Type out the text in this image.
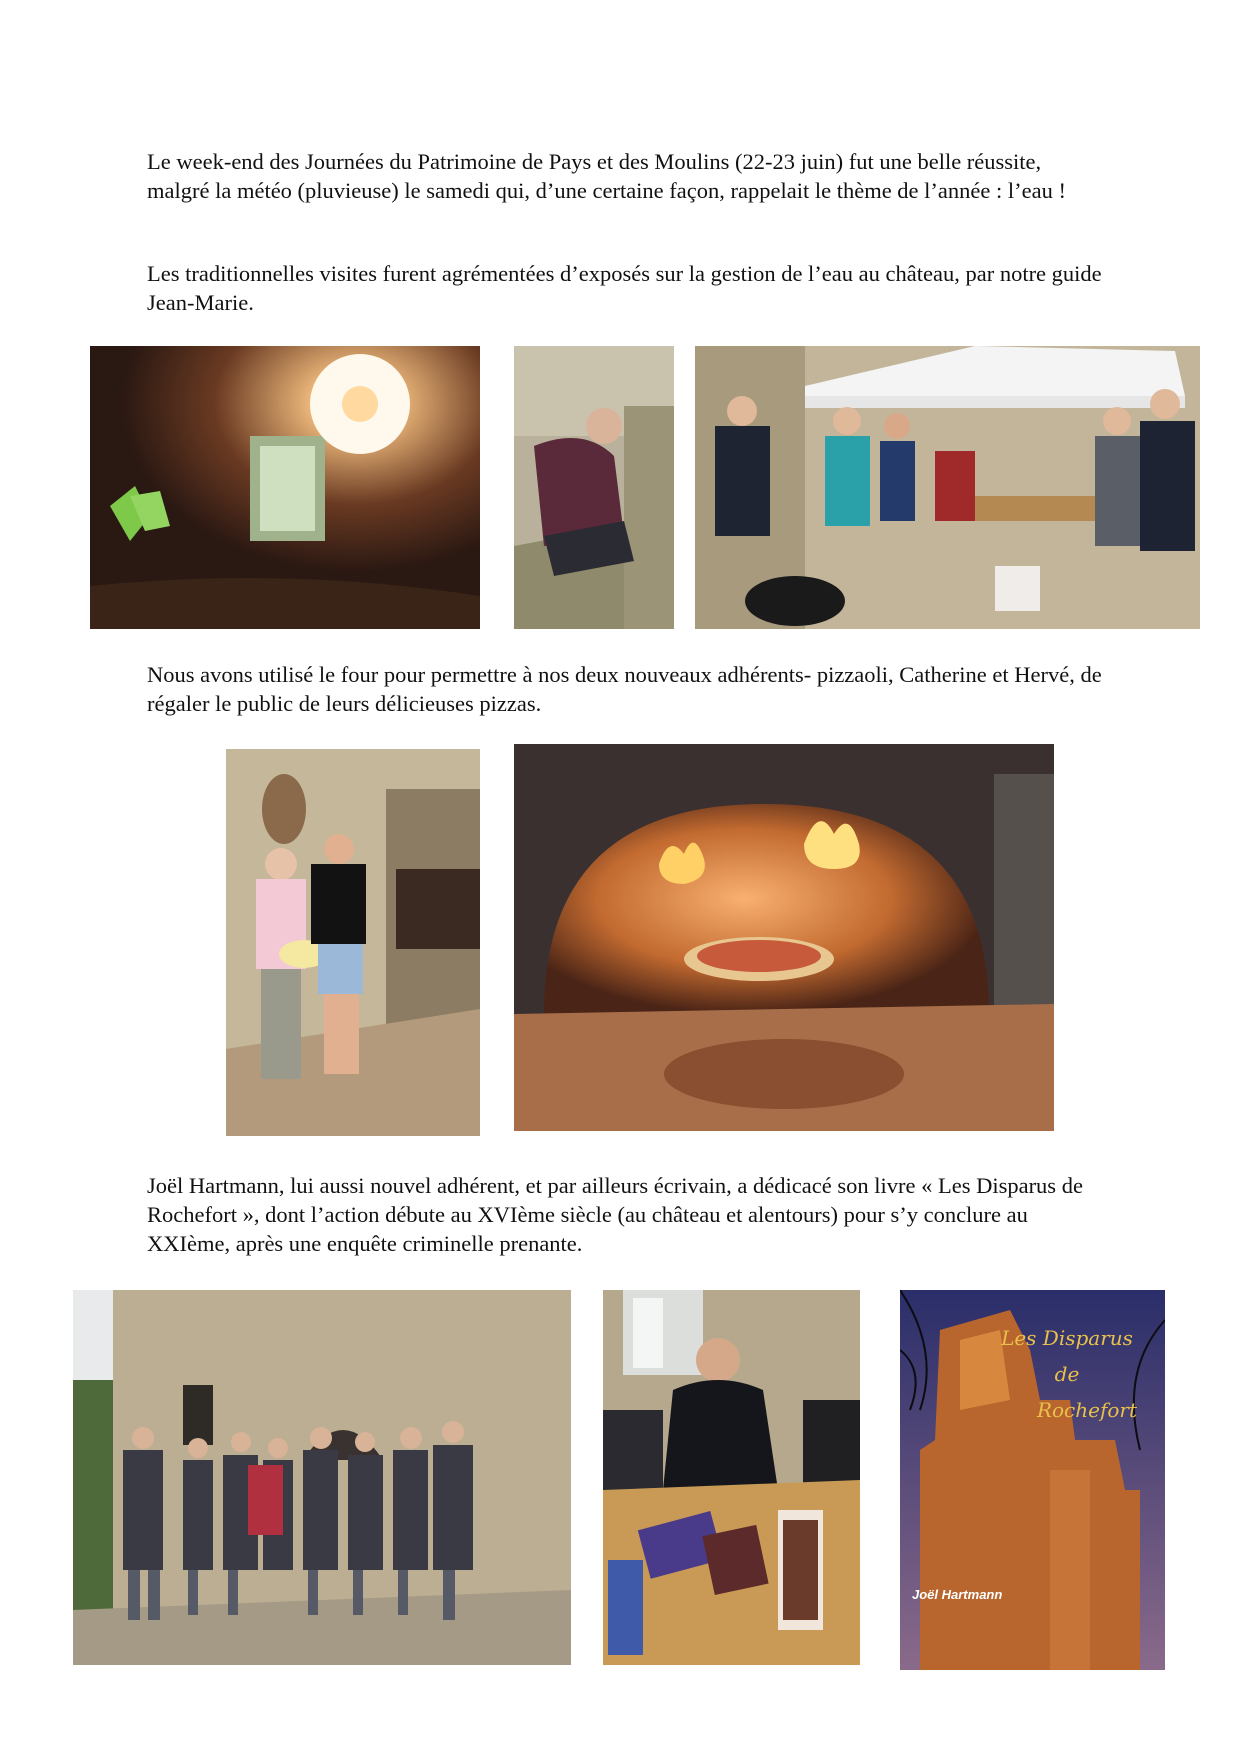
Le week-end des Journées du Patrimoine de Pays et des Moulins (22-23 juin) fut une belle réussite, malgré la météo (pluvieuse) le samedi qui, d’une certaine façon, rappelait le thème de l’année : l’eau !

Les traditionnelles visites furent agrémentées d’exposés sur la gestion de l’eau au château, par notre guide Jean-Marie.

Nous avons utilisé le four pour permettre à nos deux nouveaux adhérents- pizzaoli, Catherine et Hervé, de régaler le public de leurs délicieuses pizzas.

Joël Hartmann, lui aussi nouvel adhérent, et par ailleurs écrivain, a dédicacé son livre « Les Disparus de Rochefort », dont l’action débute au XVIème siècle (au château et alentours) pour s’y conclure au XXIème, après une enquête criminelle prenante.

Les Disparus de
Rochefort
Joël Hartmann
